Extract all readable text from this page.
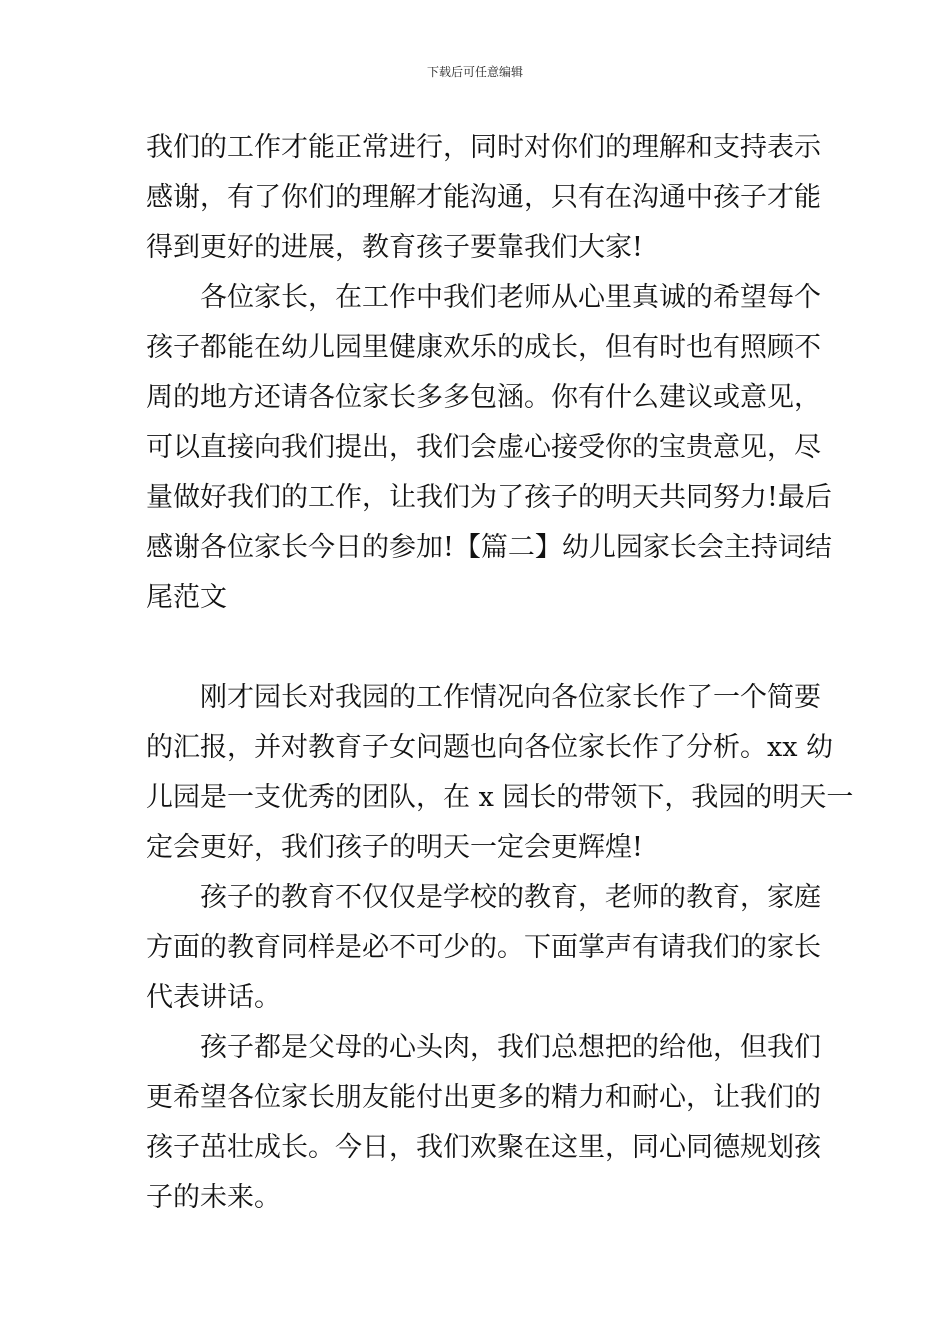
下载后可任意编辑
我们的工作才能正常进行，同时对你们的理解和支持表示
感谢，有了你们的理解才能沟通，只有在沟通中孩子才能
得到更好的进展，教育孩子要靠我们大家!
　　各位家长，在工作中我们老师从心里真诚的希望每个
孩子都能在幼儿园里健康欢乐的成长，但有时也有照顾不
周的地方还请各位家长多多包涵。你有什么建议或意见，
可以直接向我们提出，我们会虚心接受你的宝贵意见，尽
量做好我们的工作，让我们为了孩子的明天共同努力!最后
感谢各位家长今日的参加!【篇二】幼儿园家长会主持词结
尾范文
　　刚才园长对我园的工作情况向各位家长作了一个简要
的汇报，并对教育子女问题也向各位家长作了分析。xx 幼
儿园是一支优秀的团队，在 x 园长的带领下，我园的明天一
定会更好，我们孩子的明天一定会更辉煌!
　　孩子的教育不仅仅是学校的教育，老师的教育，家庭
方面的教育同样是必不可少的。下面掌声有请我们的家长
代表讲话。
　　孩子都是父母的心头肉，我们总想把的给他，但我们
更希望各位家长朋友能付出更多的精力和耐心，让我们的
孩子茁壮成长。今日，我们欢聚在这里，同心同德规划孩
子的未来。
